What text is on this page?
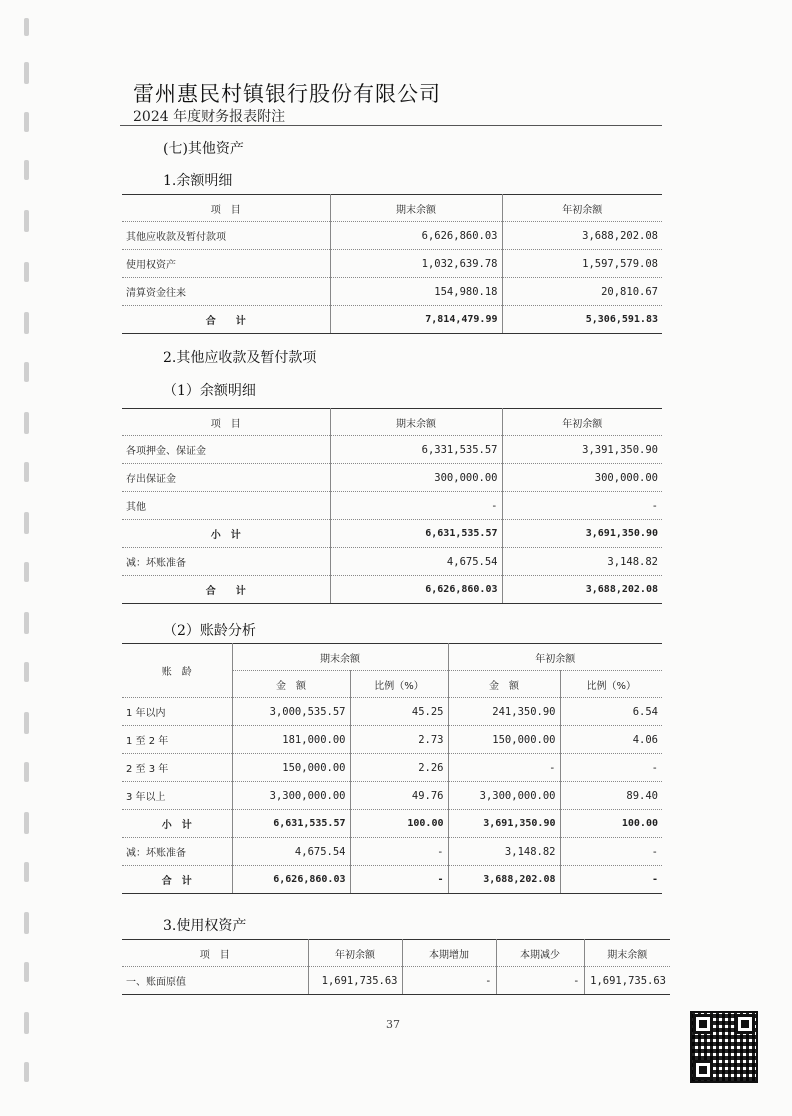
雷州惠民村镇银行股份有限公司
2024 年度财务报表附注
(七)其他资产
1.余额明细
项　目	期末余额	年初余额
其他应收款及暂付款项	6,626,860.03	3,688,202.08
使用权资产	1,032,639.78	1,597,579.08
清算资金往来	154,980.18	20,810.67
合　　计	7,814,479.99	5,306,591.83
2.其他应收款及暂付款项
（1）余额明细
项　目	期末余额	年初余额
各项押金、保证金	6,331,535.57	3,391,350.90
存出保证金	300,000.00	300,000.00
其他	-	-
小　计	6,631,535.57	3,691,350.90
减：坏账准备	4,675.54	3,148.82
合　　计	6,626,860.03	3,688,202.08
（2）账龄分析
账　龄	期末余额		年初余额	
	金　额	比例（%）	金　额	比例（%）
1 年以内	3,000,535.57	45.25	241,350.90	6.54
1 至 2 年	181,000.00	2.73	150,000.00	4.06
2 至 3 年	150,000.00	2.26	-	-
3 年以上	3,300,000.00	49.76	3,300,000.00	89.40
小　计	6,631,535.57	100.00	3,691,350.90	100.00
减：坏账准备	4,675.54	-	3,148.82	-
合　计	6,626,860.03	-	3,688,202.08	-
3.使用权资产
项　目	年初余额	本期增加	本期减少	期末余额
一、账面原值	1,691,735.63	-	-	1,691,735.63
37
